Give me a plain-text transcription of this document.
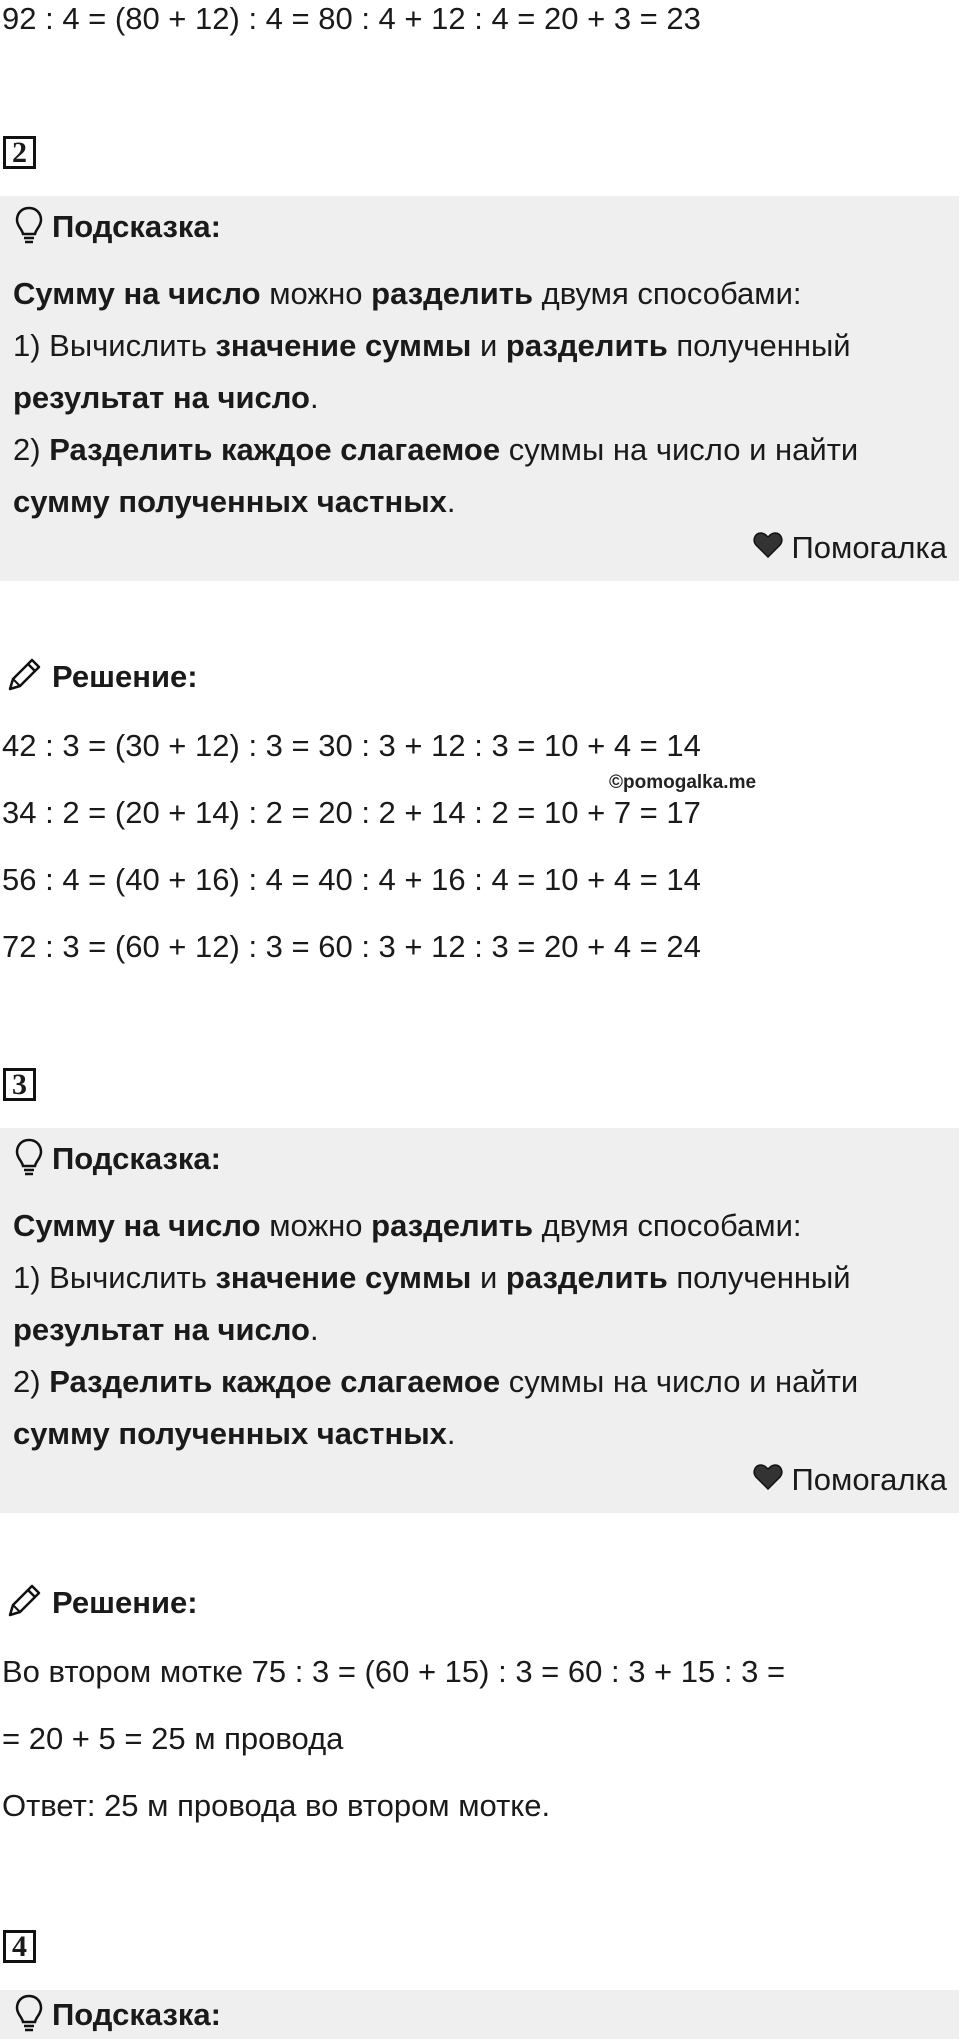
92 : 4 = (80 + 12) : 4 = 80 : 4 + 12 : 4 = 20 + 3 = 23
2
Подсказка:

Сумму на число можно разделить двумя способами:

1) Вычислить значение суммы и разделить полученный

результат на число.

2) Разделить каждое слагаемое суммы на число и найти

сумму полученных частных.

Помогалка
Решение:
42 : 3 = (30 + 12) : 3 = 30 : 3 + 12 : 3 = 10 + 4 = 14
©pomogalka.me
34 : 2 = (20 + 14) : 2 = 20 : 2 + 14 : 2 = 10 + 7 = 17
56 : 4 = (40 + 16) : 4 = 40 : 4 + 16 : 4 = 10 + 4 = 14
72 : 3 = (60 + 12) : 3 = 60 : 3 + 12 : 3 = 20 + 4 = 24
3
Подсказка:

Сумму на число можно разделить двумя способами:

1) Вычислить значение суммы и разделить полученный

результат на число.

2) Разделить каждое слагаемое суммы на число и найти

сумму полученных частных.

Помогалка
Решение:
Во втором мотке 75 : 3 = (60 + 15) : 3 = 60 : 3 + 15 : 3 =
= 20 + 5 = 25 м провода
Ответ: 25 м провода во втором мотке.
4
Подсказка:
